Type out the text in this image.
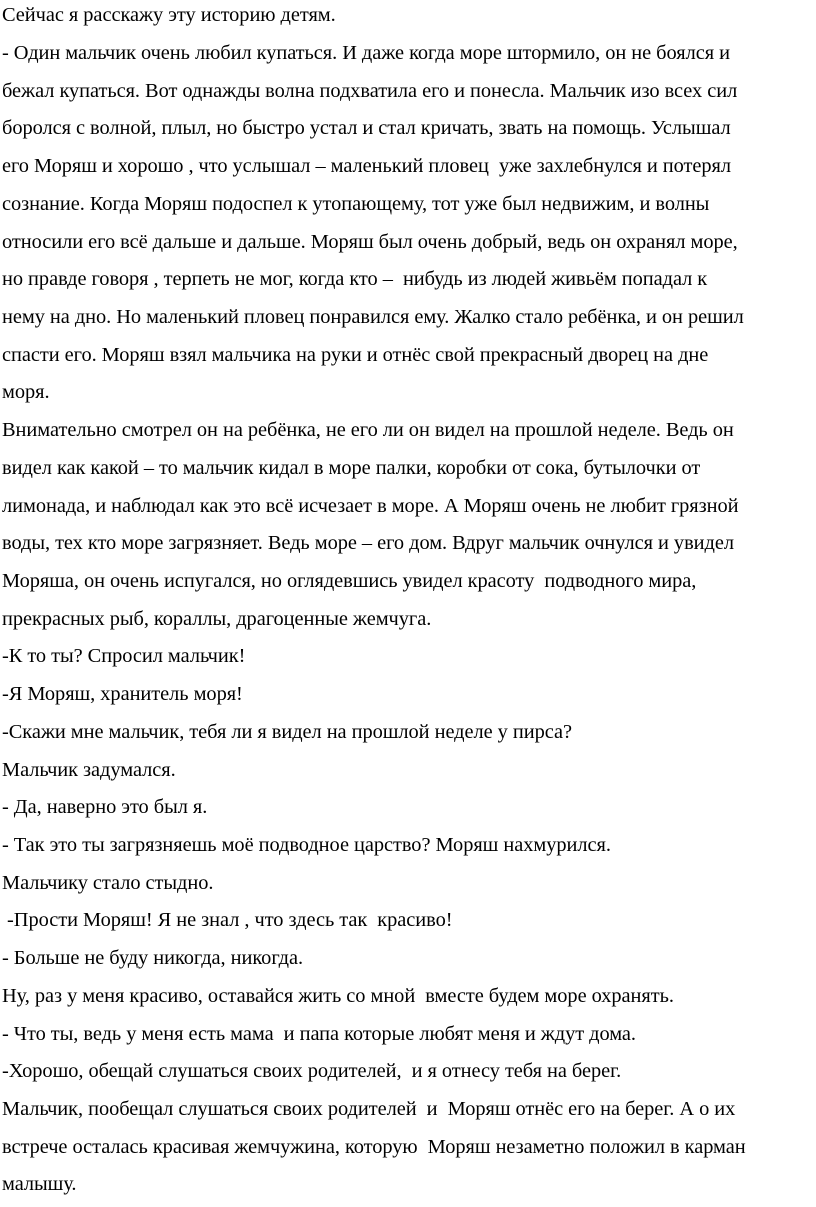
Сейчас я расскажу эту историю детям.
- Один мальчик очень любил купаться. И даже когда море штормило, он не боялся и
бежал купаться. Вот однажды волна подхватила его и понесла. Мальчик изо всех сил
боролся с волной, плыл, но быстро устал и стал кричать, звать на помощь. Услышал
его Моряш и хорошо , что услышал – маленький пловец  уже захлебнулся и потерял
сознание. Когда Моряш подоспел к утопающему, тот уже был недвижим, и волны
относили его всё дальше и дальше. Моряш был очень добрый, ведь он охранял море,
но правде говоря , терпеть не мог, когда кто –  нибудь из людей живьём попадал к
нему на дно. Но маленький пловец понравился ему. Жалко стало ребёнка, и он решил
спасти его. Моряш взял мальчика на руки и отнёс свой прекрасный дворец на дне
моря.
Внимательно смотрел он на ребёнка, не его ли он видел на прошлой неделе. Ведь он
видел как какой – то мальчик кидал в море палки, коробки от сока, бутылочки от
лимонада, и наблюдал как это всё исчезает в море. А Моряш очень не любит грязной
воды, тех кто море загрязняет. Ведь море – его дом. Вдруг мальчик очнулся и увидел
Моряша, он очень испугался, но оглядевшись увидел красоту  подводного мира,
прекрасных рыб, кораллы, драгоценные жемчуга.
-К то ты? Спросил мальчик!
-Я Моряш, хранитель моря!
-Скажи мне мальчик, тебя ли я видел на прошлой неделе у пирса?
Мальчик задумался.
- Да, наверно это был я.
- Так это ты загрязняешь моё подводное царство? Моряш нахмурился.
Мальчику стало стыдно.
-Прости Моряш! Я не знал , что здесь так  красиво!
- Больше не буду никогда, никогда.
Ну, раз у меня красиво, оставайся жить со мной  вместе будем море охранять.
- Что ты, ведь у меня есть мама  и папа которые любят меня и ждут дома.
-Хорошо, обещай слушаться своих родителей,  и я отнесу тебя на берег.
Мальчик, пообещал слушаться своих родителей  и  Моряш отнёс его на берег. А о их
встрече осталась красивая жемчужина, которую  Моряш незаметно положил в карман
малышу.
